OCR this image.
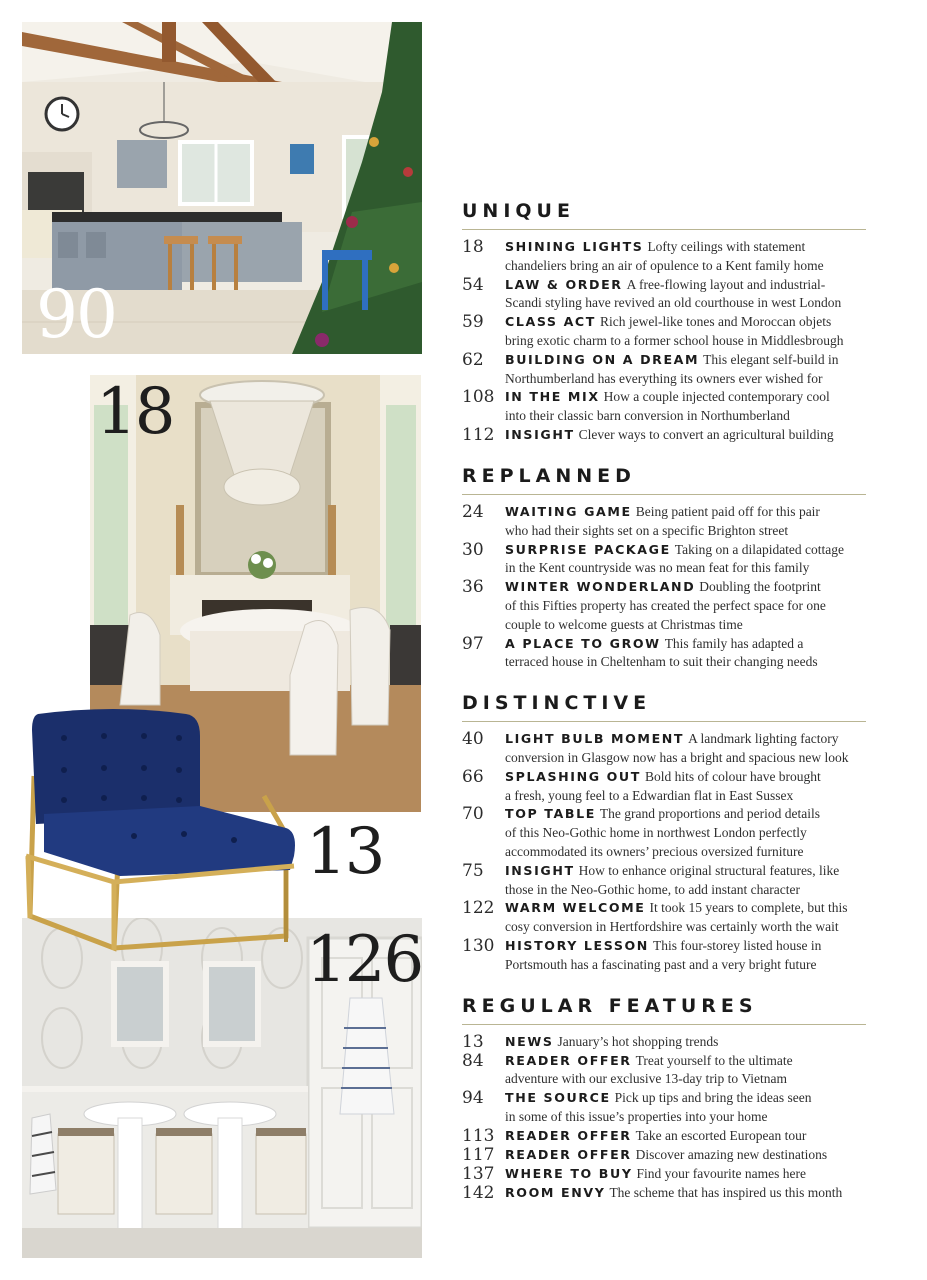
90
18
126
13
UNIQUE
18	SHINING LIGHTS Lofty ceilings with statement
chandeliers bring an air of opulence to a Kent family home
54	LAW & ORDER A free-flowing layout and industrial-
Scandi styling have revived an old courthouse in west London
59	CLASS ACT Rich jewel-like tones and Moroccan objets
bring exotic charm to a former school house in Middlesbrough
62	BUILDING ON A DREAM This elegant self-build in
Northumberland has everything its owners ever wished for
108 IN THE MIX How a couple injected contemporary cool
into their classic barn conversion in Northumberland
112 INSIGHT Clever ways to convert an agricultural building
REPLANNED
24	WAITING GAME Being patient paid off for this pair
who had their sights set on a specific Brighton street
30	SURPRISE PACKAGE Taking on a dilapidated cottage
in the Kent countryside was no mean feat for this family
36	WINTER WONDERLAND Doubling the footprint
of this Fifties property has created the perfect space for one
couple to welcome guests at Christmas time
97	A PLACE TO GROW This family has adapted a
terraced house in Cheltenham to suit their changing needs
DISTINCTIVE
40	LIGHT BULB MOMENT A landmark lighting factory
conversion in Glasgow now has a bright and spacious new look
66	SPLASHING OUT Bold hits of colour have brought
a fresh, young feel to a Edwardian flat in East Sussex
70	TOP TABLE The grand proportions and period details
of this Neo-Gothic home in northwest London perfectly
accommodated its owners’ precious oversized furniture
75	INSIGHT How to enhance original structural features, like
those in the Neo-Gothic home, to add instant character
122 WARM WELCOME It took 15 years to complete, but this
cosy conversion in Hertfordshire was certainly worth the wait
130 HISTORY LESSON This four-storey listed house in
Portsmouth has a fascinating past and a very bright future
REGULAR FEATURES
13	NEWS January’s hot shopping trends
84	READER OFFER Treat yourself to the ultimate
adventure with our exclusive 13-day trip to Vietnam
94	THE SOURCE Pick up tips and bring the ideas seen
in some of this issue’s properties into your home
113 READER OFFER Take an escorted European tour
117 READER OFFER Discover amazing new destinations
137 WHERE TO BUY Find your favourite names here
142 ROOM ENVY The scheme that has inspired us this month
